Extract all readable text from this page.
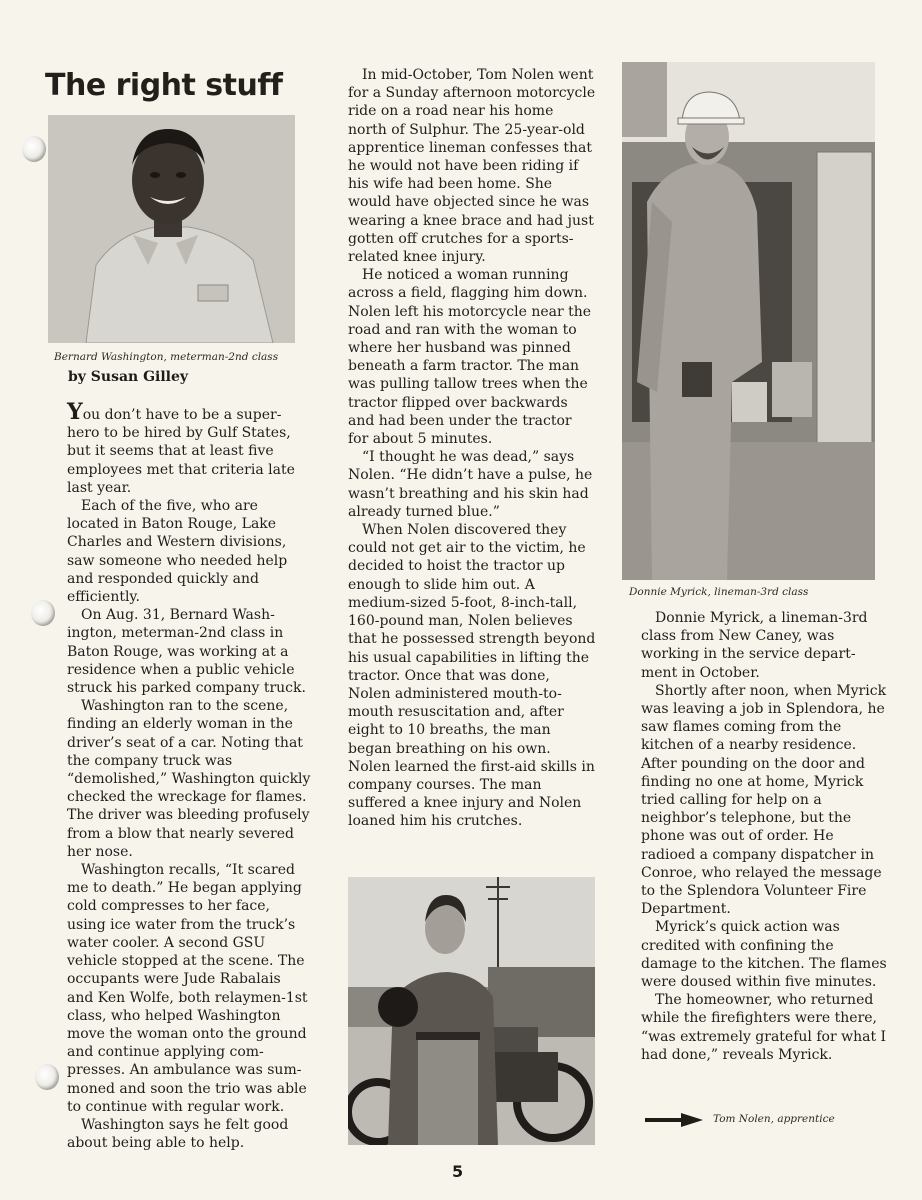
The right stuff
Bernard Washington, meterman-2nd class
by Susan Gilley

You don’t have to be a super-hero to be hired by Gulf States, but it seems that at least five employees met that criteria late last year.

Each of the five, who are located in Baton Rouge, Lake Charles and Western divisions, saw someone who needed help and responded quickly and efficiently.

On Aug. 31, Bernard Wash-ington, meterman-2nd class in Baton Rouge, was working at a residence when a public vehicle struck his parked company truck.

Washington ran to the scene, finding an elderly woman in the driver’s seat of a car. Noting that the company truck was “demolished,” Washington quickly checked the wreckage for flames. The driver was bleeding profusely from a blow that nearly severed her nose.

Washington recalls, “It scared me to death.” He began applying cold compresses to her face, using ice water from the truck’s water cooler. A second GSU vehicle stopped at the scene. The occupants were Jude Rabalais and Ken Wolfe, both relaymen-1st class, who helped Washington move the woman onto the ground and continue applying com-presses. An ambulance was sum-moned and soon the trio was able to continue with regular work.

Washington says he felt good about being able to help.

In mid-October, Tom Nolen went for a Sunday afternoon motorcycle ride on a road near his home north of Sulphur. The 25-year-old apprentice lineman confesses that he would not have been riding if his wife had been home. She would have objected since he was wearing a knee brace and had just gotten off crutches for a sports-related knee injury.

He noticed a woman running across a field, flagging him down. Nolen left his motorcycle near the road and ran with the woman to where her husband was pinned beneath a farm tractor. The man was pulling tallow trees when the tractor flipped over backwards and had been under the tractor for about 5 minutes.

“I thought he was dead,” says Nolen. “He didn’t have a pulse, he wasn’t breathing and his skin had already turned blue.”

When Nolen discovered they could not get air to the victim, he decided to hoist the tractor up enough to slide him out. A medium-sized 5-foot, 8-inch-tall, 160-pound man, Nolen believes that he possessed strength beyond his usual capabilities in lifting the tractor. Once that was done, Nolen administered mouth-to-mouth resuscitation and, after eight to 10 breaths, the man began breathing on his own. Nolen learned the first-aid skills in company courses. The man suffered a knee injury and Nolen loaned him his crutches.

Donnie Myrick, lineman-3rd class

Donnie Myrick, a lineman-3rd class from New Caney, was working in the service depart-ment in October.

Shortly after noon, when Myrick was leaving a job in Splendora, he saw flames coming from the kitchen of a nearby residence. After pounding on the door and finding no one at home, Myrick tried calling for help on a neighbor’s telephone, but the phone was out of order. He radioed a company dispatcher in Conroe, who relayed the message to the Splendora Volunteer Fire Department.

Myrick’s quick action was credited with confining the damage to the kitchen. The flames were doused within five minutes.

The homeowner, who returned while the firefighters were there, “was extremely grateful for what I had done,” reveals Myrick.

Tom Nolen, apprentice
5
